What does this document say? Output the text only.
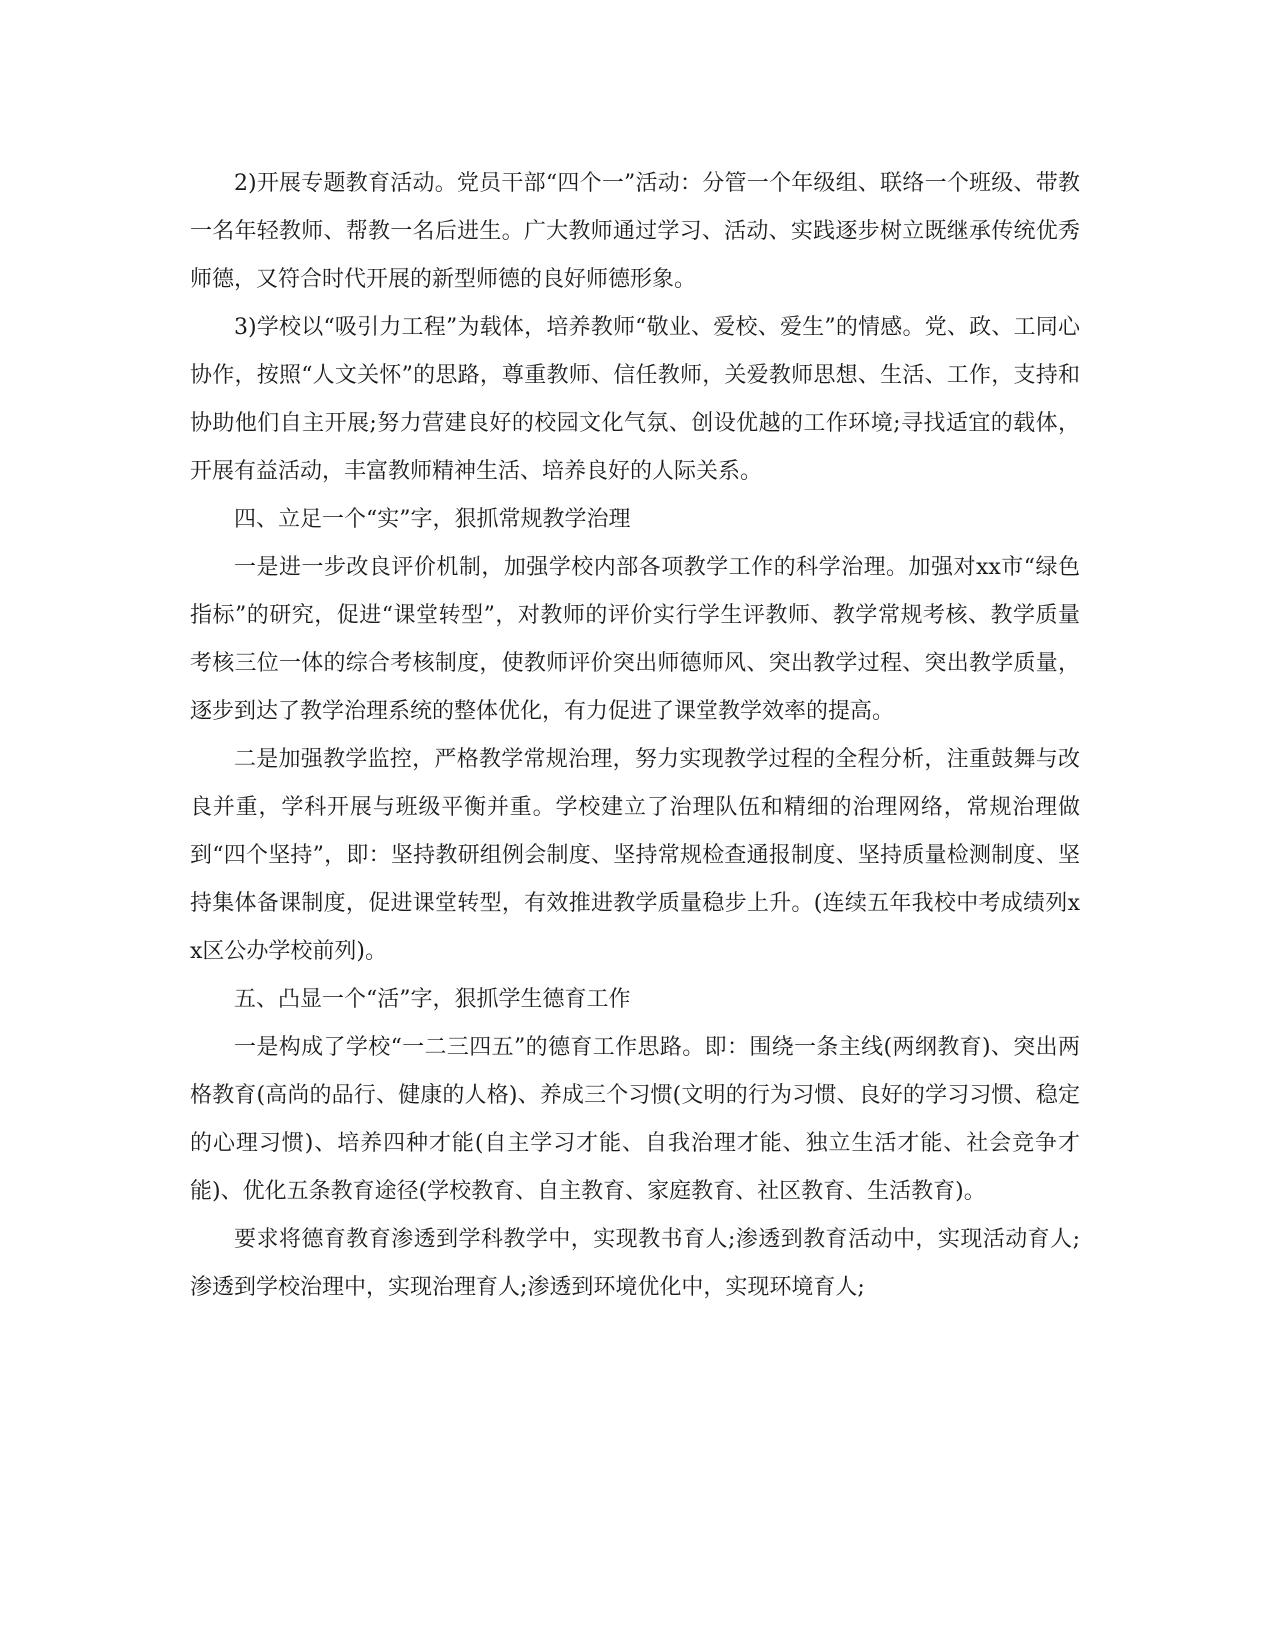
2)开展专题教育活动。党员干部“四个一”活动：分管一个年级组、联络一个班级、带教一名年轻教师、帮教一名后进生。广大教师通过学习、活动、实践逐步树立既继承传统优秀师德，又符合时代开展的新型师德的良好师德形象。

3)学校以“吸引力工程”为载体，培养教师“敬业、爱校、爱生”的情感。党、政、工同心协作，按照“人文关怀”的思路，尊重教师、信任教师，关爱教师思想、生活、工作，支持和协助他们自主开展;努力营建良好的校园文化气氛、创设优越的工作环境;寻找适宜的载体，开展有益活动，丰富教师精神生活、培养良好的人际关系。

四、立足一个“实”字，狠抓常规教学治理

一是进一步改良评价机制，加强学校内部各项教学工作的科学治理。加强对xx市“绿色指标”的研究，促进“课堂转型”，对教师的评价实行学生评教师、教学常规考核、教学质量考核三位一体的综合考核制度，使教师评价突出师德师风、突出教学过程、突出教学质量，逐步到达了教学治理系统的整体优化，有力促进了课堂教学效率的提高。

二是加强教学监控，严格教学常规治理，努力实现教学过程的全程分析，注重鼓舞与改良并重，学科开展与班级平衡并重。学校建立了治理队伍和精细的治理网络，常规治理做到“四个坚持”，即：坚持教研组例会制度、坚持常规检查通报制度、坚持质量检测制度、坚持集体备课制度，促进课堂转型，有效推进教学质量稳步上升。(连续五年我校中考成绩列xx区公办学校前列)。

五、凸显一个“活”字，狠抓学生德育工作

一是构成了学校“一二三四五”的德育工作思路。即：围绕一条主线(两纲教育)、突出两格教育(高尚的品行、健康的人格)、养成三个习惯(文明的行为习惯、良好的学习习惯、稳定的心理习惯)、培养四种才能(自主学习才能、自我治理才能、独立生活才能、社会竞争才能)、优化五条教育途径(学校教育、自主教育、家庭教育、社区教育、生活教育)。

要求将德育教育渗透到学科教学中，实现教书育人;渗透到教育活动中，实现活动育人;渗透到学校治理中，实现治理育人;渗透到环境优化中，实现环境育人;
